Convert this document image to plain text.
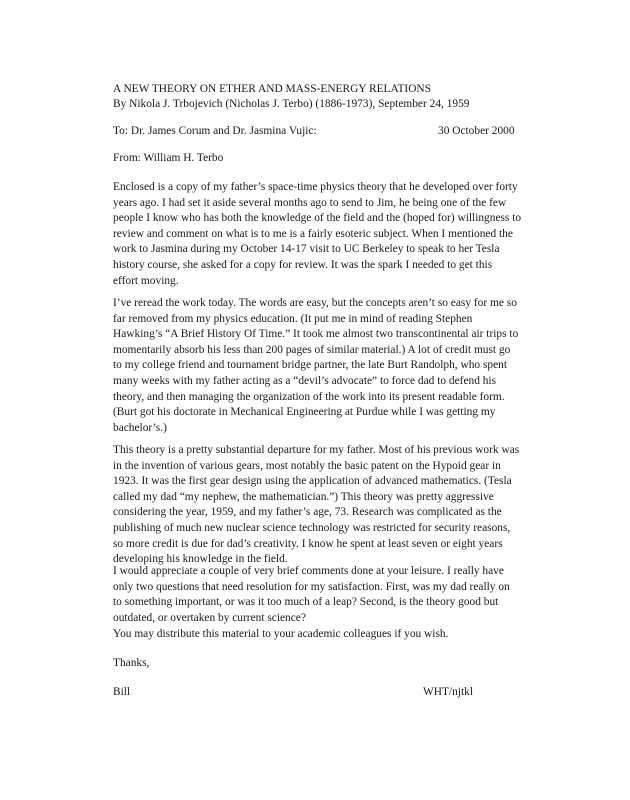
A NEW THEORY ON ETHER AND MASS-ENERGY RELATIONS
By Nikola J. Trbojevich (Nicholas J. Terbo) (1886-1973), September 24, 1959
To: Dr. James Corum and Dr. Jasmina Vujic:	30 October 2000
From: William H. Terbo
Enclosed is a copy of my father’s space-time physics theory that he developed over forty
years ago. I had set it aside several months ago to send to Jim, he being one of the few
people I know who has both the knowledge of the field and the (hoped for) willingness to
review and comment on what is to me is a fairly esoteric subject. When I mentioned the
work to Jasmina during my October 14-17 visit to UC Berkeley to speak to her Tesla
history course, she asked for a copy for review. It was the spark I needed to get this
effort moving.
I’ve reread the work today. The words are easy, but the concepts aren’t so easy for me so
far removed from my physics education. (It put me in mind of reading Stephen
Hawking’s “A Brief History Of Time.” It took me almost two transcontinental air trips to
momentarily absorb his less than 200 pages of similar material.) A lot of credit must go
to my college friend and tournament bridge partner, the late Burt Randolph, who spent
many weeks with my father acting as a “devil’s advocate” to force dad to defend his
theory, and then managing the organization of the work into its present readable form.
(Burt got his doctorate in Mechanical Engineering at Purdue while I was getting my
bachelor’s.)
This theory is a pretty substantial departure for my father. Most of his previous work was
in the invention of various gears, most notably the basic patent on the Hypoid gear in
1923. It was the first gear design using the application of advanced mathematics. (Tesla
called my dad “my nephew, the mathematician.”) This theory was pretty aggressive
considering the year, 1959, and my father’s age, 73. Research was complicated as the
publishing of much new nuclear science technology was restricted for security reasons,
so more credit is due for dad’s creativity. I know he spent at least seven or eight years
developing his knowledge in the field.
I would appreciate a couple of very brief comments done at your leisure. I really have
only two questions that need resolution for my satisfaction. First, was my dad really on
to something important, or was it too much of a leap? Second, is the theory good but
outdated, or overtaken by current science?
You may distribute this material to your academic colleagues if you wish.
Thanks,
Bill	WHT/njtkl
